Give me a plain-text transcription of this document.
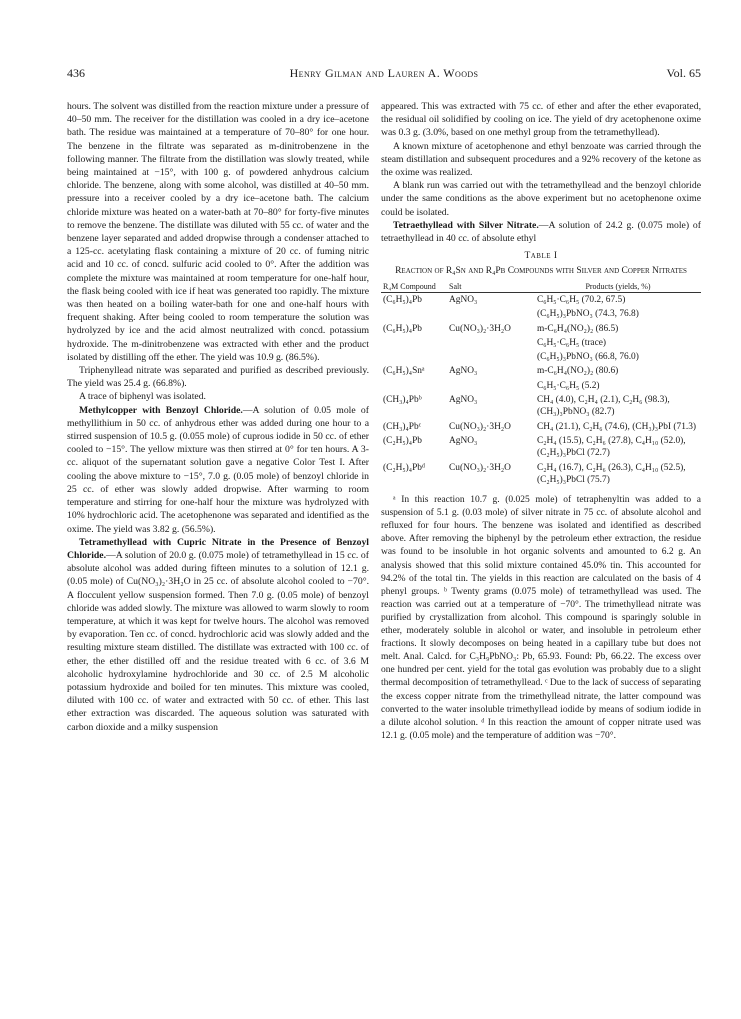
436	Henry Gilman and Lauren A. Woods	Vol. 65

hours. The solvent was distilled from the reaction mixture under a pressure of 40–50 mm. The receiver for the distillation was cooled in a dry ice–acetone bath. The residue was maintained at a temperature of 70–80° for one hour. The benzene in the filtrate was separated as m-dinitrobenzene in the following manner. The filtrate from the distillation was slowly treated, while being maintained at −15°, with 100 g. of powdered anhydrous calcium chloride. The benzene, along with some alcohol, was distilled at 40–50 mm. pressure into a receiver cooled by a dry ice–acetone bath. The calcium chloride mixture was heated on a water-bath at 70–80° for forty-five minutes to remove the benzene. The distillate was diluted with 55 cc. of water and the benzene layer separated and added dropwise through a condenser attached to a 125-cc. acetylating flask containing a mixture of 20 cc. of fuming nitric acid and 10 cc. of concd. sulfuric acid cooled to 0°. After the addition was complete the mixture was maintained at room temperature for one-half hour, the flask being cooled with ice if heat was generated too rapidly. The mixture was then heated on a boiling water-bath for one and one-half hours with frequent shaking. After being cooled to room temperature the solution was hydrolyzed by ice and the acid almost neutralized with concd. potassium hydroxide. The m-dinitrobenzene was extracted with ether and the product isolated by distilling off the ether. The yield was 10.9 g. (86.5%).

Triphenyllead nitrate was separated and purified as described previously. The yield was 25.4 g. (66.8%).

A trace of biphenyl was isolated.

Methylcopper with Benzoyl Chloride.—A solution of 0.05 mole of methyllithium in 50 cc. of anhydrous ether was added during one hour to a stirred suspension of 10.5 g. (0.055 mole) of cuprous iodide in 50 cc. of ether cooled to −15°. The yellow mixture was then stirred at 0° for ten hours. A 3-cc. aliquot of the supernatant solution gave a negative Color Test I. After cooling the above mixture to −15°, 7.0 g. (0.05 mole) of benzoyl chloride in 25 cc. of ether was slowly added dropwise. After warming to room temperature and stirring for one-half hour the mixture was hydrolyzed with 10% hydrochloric acid. The acetophenone was separated and identified as the oxime. The yield was 3.82 g. (56.5%).

Tetramethyllead with Cupric Nitrate in the Presence of Benzoyl Chloride.—A solution of 20.0 g. (0.075 mole) of tetramethyllead in 15 cc. of absolute alcohol was added during fifteen minutes to a solution of 12.1 g. (0.05 mole) of Cu(NO₃)₂·3H₂O in 25 cc. of absolute alcohol cooled to −70°. A flocculent yellow suspension formed. Then 7.0 g. (0.05 mole) of benzoyl chloride was added slowly. The mixture was allowed to warm slowly to room temperature, at which it was kept for twelve hours. The alcohol was removed by evaporation. Ten cc. of concd. hydrochloric acid was slowly added and the resulting mixture steam distilled. The distillate was extracted with 100 cc. of ether, the ether distilled off and the residue treated with 6 cc. of 3.6 M alcoholic hydroxylamine hydrochloride and 30 cc. of 2.5 M alcoholic potassium hydroxide and boiled for ten minutes. This mixture was cooled, diluted with 100 cc. of water and extracted with 50 cc. of ether. This last ether extraction was discarded. The aqueous solution was saturated with carbon dioxide and a milky suspension

appeared. This was extracted with 75 cc. of ether and after the ether evaporated, the residual oil solidified by cooling on ice. The yield of dry acetophenone oxime was 0.3 g. (3.0%, based on one methyl group from the tetramethyllead).

A known mixture of acetophenone and ethyl benzoate was carried through the steam distillation and subsequent procedures and a 92% recovery of the ketone as the oxime was realized.

A blank run was carried out with the tetramethyllead and the benzoyl chloride under the same conditions as the above experiment but no acetophenone oxime could be isolated.

Tetraethyllead with Silver Nitrate.—A solution of 24.2 g. (0.075 mole) of tetraethyllead in 40 cc. of absolute ethyl

Table I
Reaction of R₄Sn and R₄Pb Compounds with Silver and Copper Nitrates
R₄M Compound	Salt	Products (yields, %)
(C₆H₅)₄Pb	AgNO₃	C₆H₅·C₆H₅ (70.2, 67.5)
		(C₆H₅)₃PbNO₃ (74.3, 76.8)
(C₆H₅)₄Pb	Cu(NO₃)₂·3H₂O	m-C₆H₄(NO₂)₂ (86.5)
		C₆H₅·C₆H₅ (trace)
		(C₆H₅)₃PbNO₃ (66.8, 76.0)
(C₆H₅)₄Snᵃ	AgNO₃	m-C₆H₄(NO₂)₂ (80.6)
		C₆H₅·C₆H₅ (5.2)
(CH₃)₄Pbᵇ	AgNO₃	CH₄ (4.0), C₂H₄ (2.1), C₂H₆ (98.3), (CH₃)₃PbNO₃ (82.7)
(CH₃)₄Pbᶜ	Cu(NO₃)₂·3H₂O	CH₄ (21.1), C₂H₆ (74.6), (CH₃)₃PbI (71.3)
(C₂H₅)₄Pb	AgNO₃	C₂H₄ (15.5), C₂H₆ (27.8), C₄H₁₀ (52.0), (C₂H₅)₃PbCl (72.7)
(C₂H₅)₄Pbᵈ	Cu(NO₃)₂·3H₂O	C₂H₄ (16.7), C₂H₆ (26.3), C₄H₁₀ (52.5), (C₂H₅)₃PbCl (75.7)

ᵃ In this reaction 10.7 g. (0.025 mole) of tetraphenyltin was added to a suspension of 5.1 g. (0.03 mole) of silver nitrate in 75 cc. of absolute alcohol and refluxed for four hours. The benzene was isolated and identified as described above. After removing the biphenyl by the petroleum ether extraction, the residue was found to be insoluble in hot organic solvents and amounted to 6.2 g. An analysis showed that this solid mixture contained 45.0% tin. This accounted for 94.2% of the total tin. The yields in this reaction are calculated on the basis of 4 phenyl groups. ᵇ Twenty grams (0.075 mole) of tetramethyllead was used. The reaction was carried out at a temperature of −70°. The trimethyllead nitrate was purified by crystallization from alcohol. This compound is sparingly soluble in ether, moderately soluble in alcohol or water, and insoluble in petroleum ether fractions. It slowly decomposes on being heated in a capillary tube but does not melt. Anal. Calcd. for C₃H₉PbNO₃: Pb, 65.93. Found: Pb, 66.22. The excess over one hundred per cent. yield for the total gas evolution was probably due to a slight thermal decomposition of tetramethyllead. ᶜ Due to the lack of success of separating the excess copper nitrate from the trimethyllead nitrate, the latter compound was converted to the water insoluble trimethyllead iodide by means of sodium iodide in a dilute alcohol solution. ᵈ In this reaction the amount of copper nitrate used was 12.1 g. (0.05 mole) and the temperature of addition was −70°.
